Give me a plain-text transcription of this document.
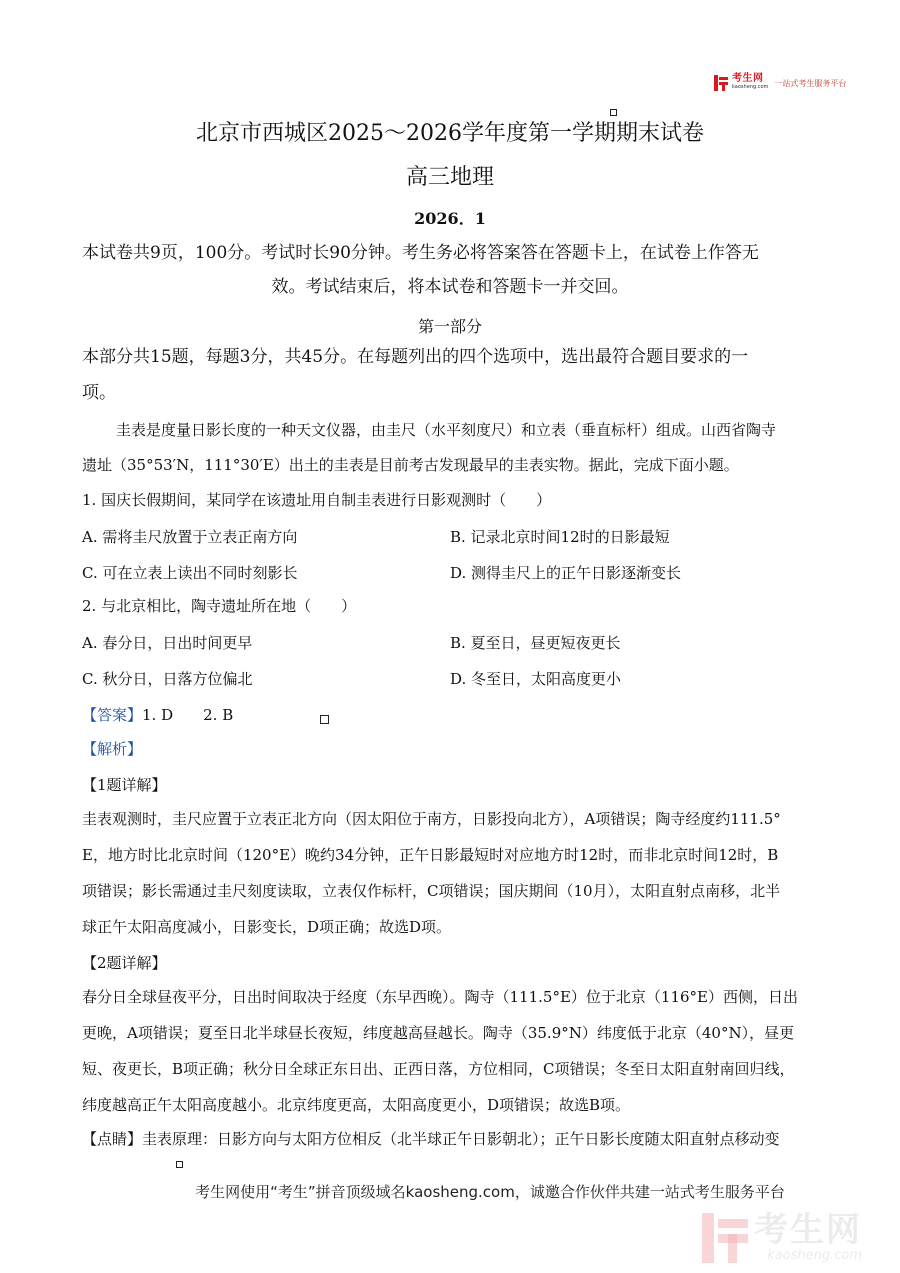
考生网
kaosheng.com 一站式考生服务平台
北京市西城区2025～2026学年度第一学期期末试卷
高三地理
2026．1
本试卷共9页，100分。考试时长90分钟。考生务必将答案答在答题卡上，在试卷上作答无
效。考试结束后，将本试卷和答题卡一并交回。
第一部分
本部分共15题，每题3分，共45分。在每题列出的四个选项中，选出最符合题目要求的一
项。
圭表是度量日影长度的一种天文仪器，由圭尺（水平刻度尺）和立表（垂直标杆）组成。山西省陶寺
遗址（35°53′N，111°30′E）出土的圭表是目前考古发现最早的圭表实物。据此，完成下面小题。
1. 国庆长假期间，某同学在该遗址用自制圭表进行日影观测时（　　）
A. 需将圭尺放置于立表正南方向	B. 记录北京时间12时的日影最短
C. 可在立表上读出不同时刻影长	D. 测得圭尺上的正午日影逐渐变长
2. 与北京相比，陶寺遗址所在地（　　）
A. 春分日，日出时间更早	B. 夏至日，昼更短夜更长
C. 秋分日，日落方位偏北	D. 冬至日，太阳高度更小
【答案】1. D　　2. B
【解析】
【1题详解】
圭表观测时，圭尺应置于立表正北方向（因太阳位于南方，日影投向北方），A项错误；陶寺经度约111.5°
E，地方时比北京时间（120°E）晚约34分钟，正午日影最短时对应地方时12时，而非北京时间12时，B
项错误；影长需通过圭尺刻度读取，立表仅作标杆，C项错误；国庆期间（10月），太阳直射点南移，北半
球正午太阳高度减小，日影变长，D项正确；故选D项。
【2题详解】
春分日全球昼夜平分，日出时间取决于经度（东早西晚）。陶寺（111.5°E）位于北京（116°E）西侧，日出
更晚，A项错误；夏至日北半球昼长夜短，纬度越高昼越长。陶寺（35.9°N）纬度低于北京（40°N），昼更
短、夜更长，B项正确；秋分日全球正东日出、正西日落，方位相同，C项错误；冬至日太阳直射南回归线，
纬度越高正午太阳高度越小。北京纬度更高，太阳高度更小，D项错误；故选B项。
【点睛】圭表原理：日影方向与太阳方位相反（北半球正午日影朝北）；正午日影长度随太阳直射点移动变
考生网使用“考生”拼音顶级域名kaosheng.com，诚邀合作伙伴共建一站式考生服务平台
考生网
kaosheng.com
